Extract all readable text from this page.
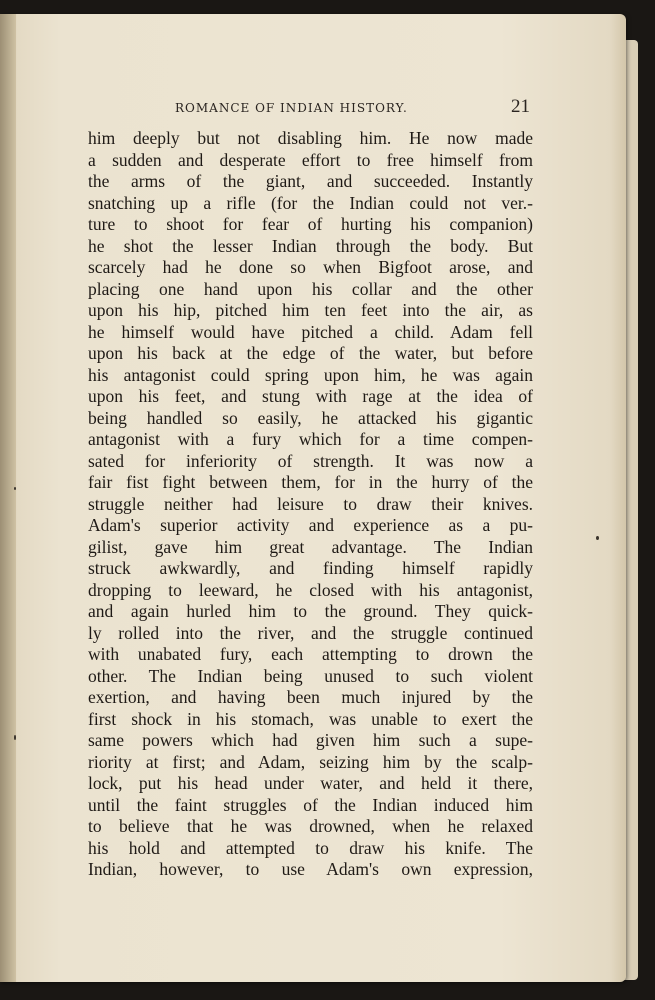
ROMANCE OF INDIAN HISTORY.	21
him deeply but not disabling him. He now made
a sudden and desperate effort to free himself from
the arms of the giant, and succeeded. Instantly
snatching up a rifle (for the Indian could not ver.-
ture to shoot for fear of hurting his companion)
he shot the lesser Indian through the body. But
scarcely had he done so when Bigfoot arose, and
placing one hand upon his collar and the other
upon his hip, pitched him ten feet into the air, as
he himself would have pitched a child. Adam fell
upon his back at the edge of the water, but before
his antagonist could spring upon him, he was again
upon his feet, and stung with rage at the idea of
being handled so easily, he attacked his gigantic
antagonist with a fury which for a time compen-
sated for inferiority of strength. It was now a
fair fist fight between them, for in the hurry of the
struggle neither had leisure to draw their knives.
Adam's superior activity and experience as a pu-
gilist, gave him great advantage. The Indian
struck awkwardly, and finding himself rapidly
dropping to leeward, he closed with his antagonist,
and again hurled him to the ground. They quick-
ly rolled into the river, and the struggle continued
with unabated fury, each attempting to drown the
other. The Indian being unused to such violent
exertion, and having been much injured by the
first shock in his stomach, was unable to exert the
same powers which had given him such a supe-
riority at first; and Adam, seizing him by the scalp-
lock, put his head under water, and held it there,
until the faint struggles of the Indian induced him
to believe that he was drowned, when he relaxed
his hold and attempted to draw his knife. The
Indian, however, to use Adam's own expression,
